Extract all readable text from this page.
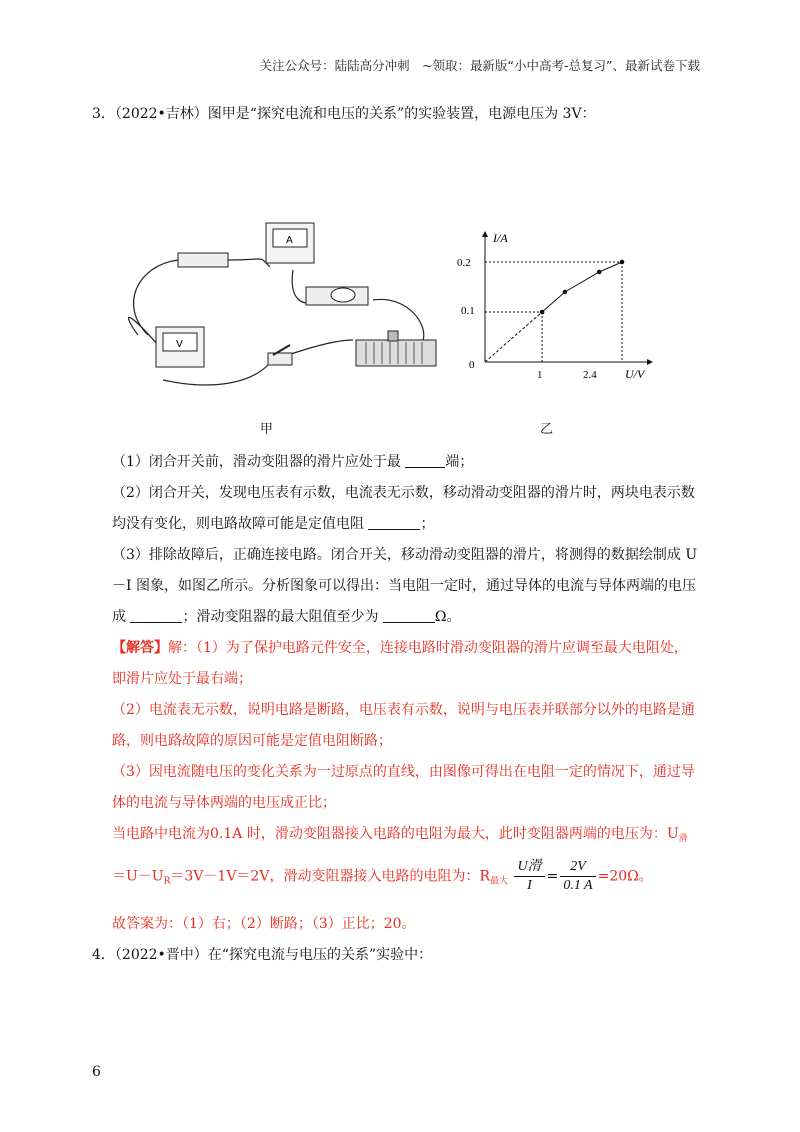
关注公众号：陆陆高分冲刺　~领取：最新版“小中高考-总复习”、最新试卷下载
3．（2022•吉林）图甲是“探究电流和电压的关系”的实验装置，电源电压为 3V：
A
V
I/A
U/V
0
0.2
0.1
1	2.4
甲	乙
（1）闭合开关前，滑动变阻器的滑片应处于最	端；
（2）闭合开关，发现电压表有示数，电流表无示数，移动滑动变阻器的滑片时，两块电表示数
均没有变化，则电路故障可能是定值电阻	；
（3）排除故障后，正确连接电路。闭合开关，移动滑动变阻器的滑片，将测得的数据绘制成 U
－I 图象，如图乙所示。分析图象可以得出：当电阻一定时，通过导体的电流与导体两端的电压
成	；滑动变阻器的最大阻值至少为	Ω。
【解答】解：（1）为了保护电路元件安全，连接电路时滑动变阻器的滑片应调至最大电阻处，
即滑片应处于最右端；
（2）电流表无示数，说明电路是断路，电压表有示数，说明与电压表并联部分以外的电路是通
路，则电路故障的原因可能是定值电阻断路；
（3）因电流随电压的变化关系为一过原点的直线，由图像可得出在电阻一定的情况下，通过导
体的电流与导体两端的电压成正比；
当电路中电流为0.1A 时，滑动变阻器接入电路的电阻为最大，此时变阻器两端的电压为：$U_滑$
$=U-U_R=3V-1V=2V$，滑动变阻器接入电路的电阻为：$R_{最大} \frac{\text{U滑}}{I} = \frac{2V}{0.1 A} =20\Omega$。
故答案为：（1）右；（2）断路；（3）正比；20。
4．（2022•晋中）在“探究电流与电压的关系”实验中：
6
